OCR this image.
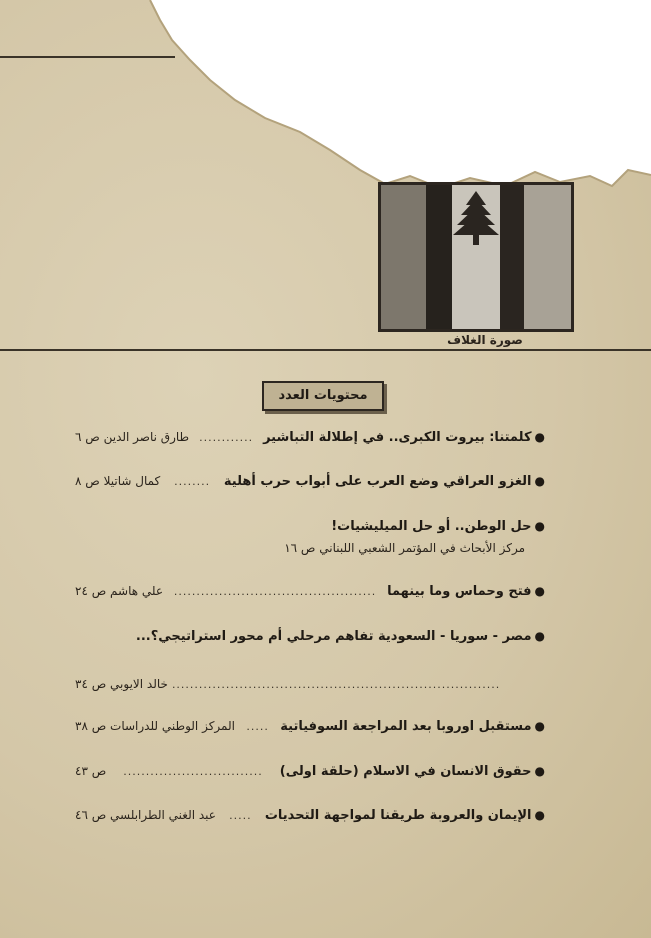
صورة الغلاف
محتويات العدد
●
كلمتنا: بيروت الكبرى.. في إطلالة التباشير
............
طارق ناصر الدين ص ٦
●
الغزو العراقي وضع العرب على أبواب حرب أهلية
........
كمال شاتيلا ص ٨
●
حل الوطن.. أو حل الميليشيات!
مركز الأبحاث في المؤتمر الشعبي اللبناني ص ١٦
●
فتح وحماس وما بينهما
.............................................
علي هاشم ص ٢٤
●
مصر - سوريا - السعودية تفاهم مرحلي أم محور استراتيجي؟...
.........................................................................
خالد الايوبي ص ٣٤
●
مستقبل اوروبا بعد المراجعة السوفياتية
.....
المركز الوطني للدراسات ص ٣٨
●
حقوق الانسان في الاسلام (حلقة اولى)
...............................
ص ٤٣
●
الإيمان والعروبة طريقنا لمواجهة التحديات
.....
عبد الغني الطرابلسي ص ٤٦
